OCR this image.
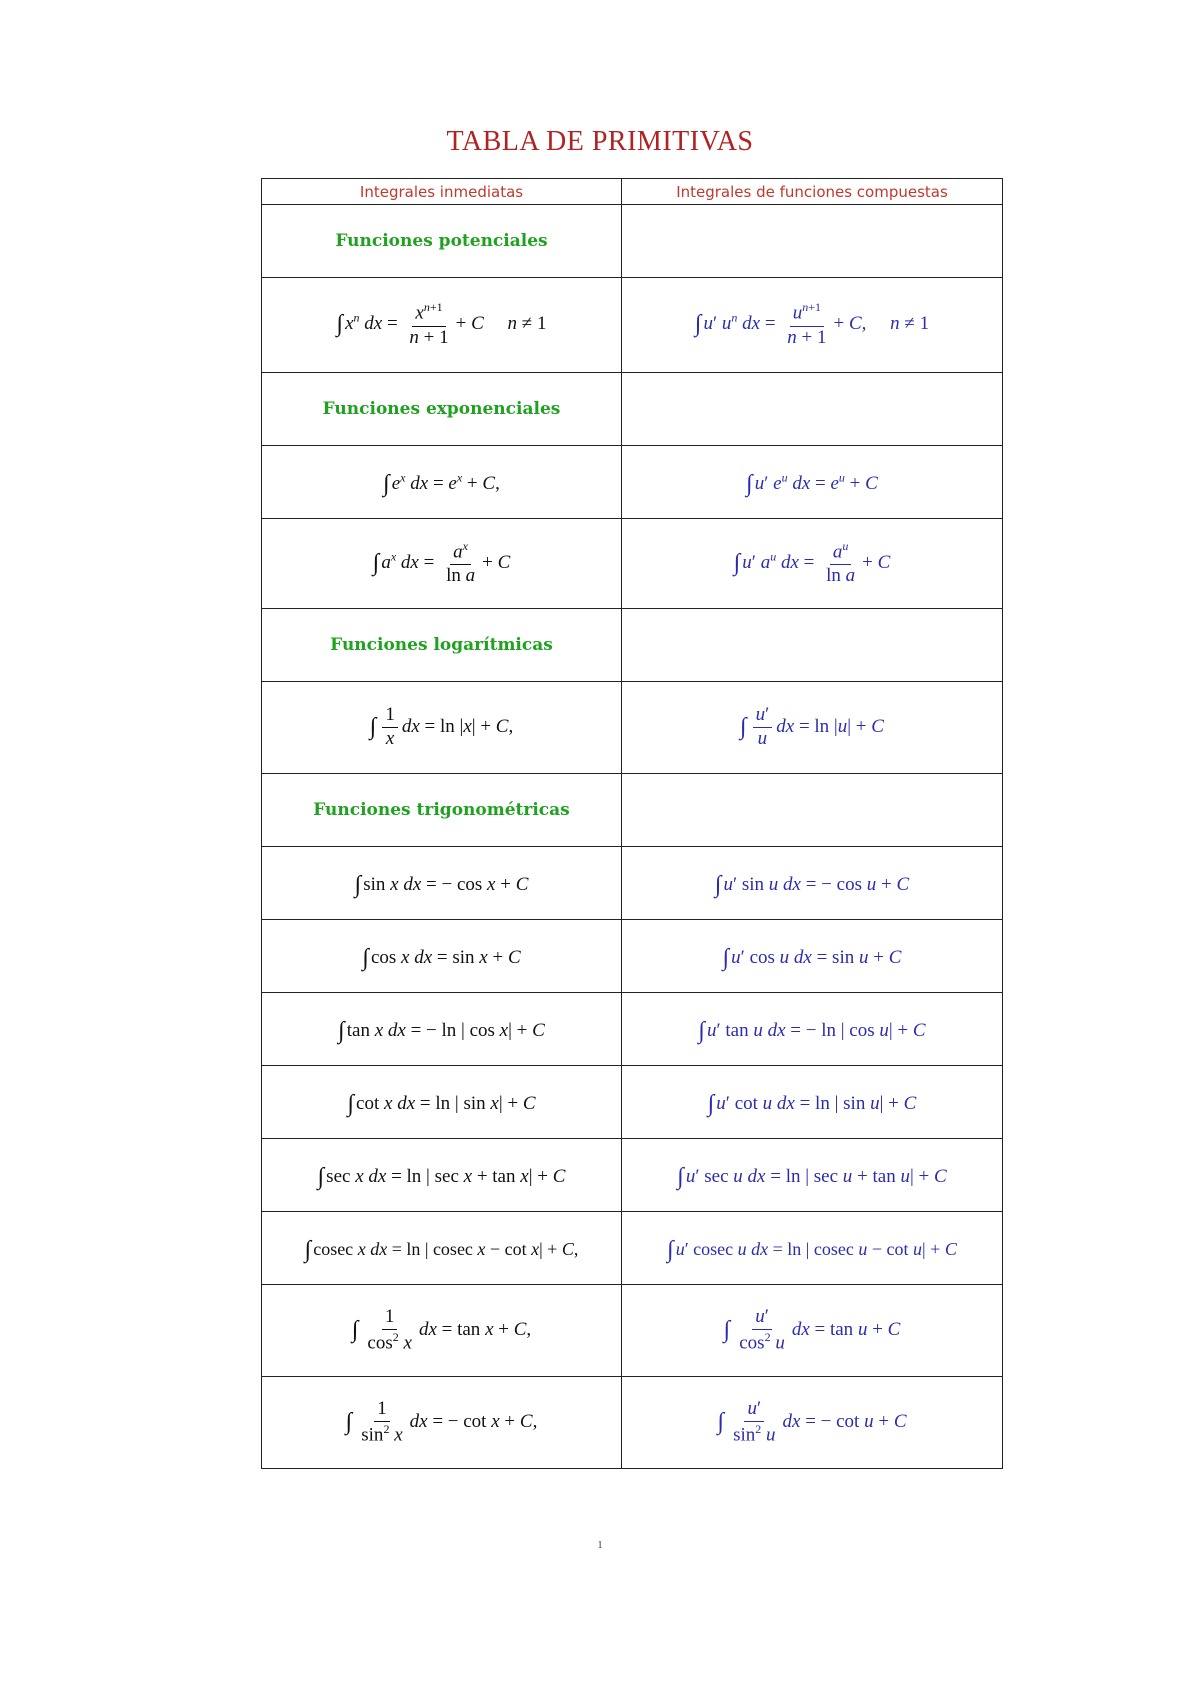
TABLA DE PRIMITIVAS
Integrales inmediatas	Integrales de funciones compuestas
Funciones potenciales	
∫ $x^n$ dx = $\frac{x^{n+1}}{n + 1} + C$ n ≠ 1	∫ u′ $u^n$ dx = $\frac{u^{n+1}}{n + 1} + C$,     n ≠ 1
Funciones exponenciales	
∫ $e^x$ dx = $e^x + C$,	∫ u′ $e^u$ dx = $e^u + C$
∫ $a^x$ dx = $\frac{a^x}{\text{ln a}} + C$	∫ u′ $a^u$ dx = $\frac{a^u}{\text{ln a}} + C$
Funciones logarítmicas	
∫ $\frac{1}{x}$ dx = ln |x| + C,	∫ $\frac{u'}{u}$ dx = ln |u| + C
Funciones trigonométricas	
∫ sin x dx = − cos x + C	∫ u′ sin u dx = − cos u + C
∫ cos x dx = sin x + C	∫ u′ cos u dx = sin u + C
∫ tan x dx = − ln | cos x| + C	∫ u′ tan u dx = − ln | cos u| + C
∫ cot x dx = ln | sin x| + C	∫ u′ cot u dx = ln | sin u| + C
∫ sec x dx = ln | sec x + tan x| + C	∫ u′ sec u dx = ln | sec u + tan u| + C
∫ cosec x dx = ln | cosec x − cot x| + C,	∫ u′ cosec u dx = ln | cosec u − cot u| + C
∫ $\frac{1}{\cos^2 x}$ dx = tan x + C,	∫ $\frac{u'}{\cos^2 u}$ dx = tan u + C
∫ $\frac{1}{\sin^2 x}$ dx = − cot x + C,	∫ $\frac{u'}{\sin^2 u}$ dx = − cot u + C
1
